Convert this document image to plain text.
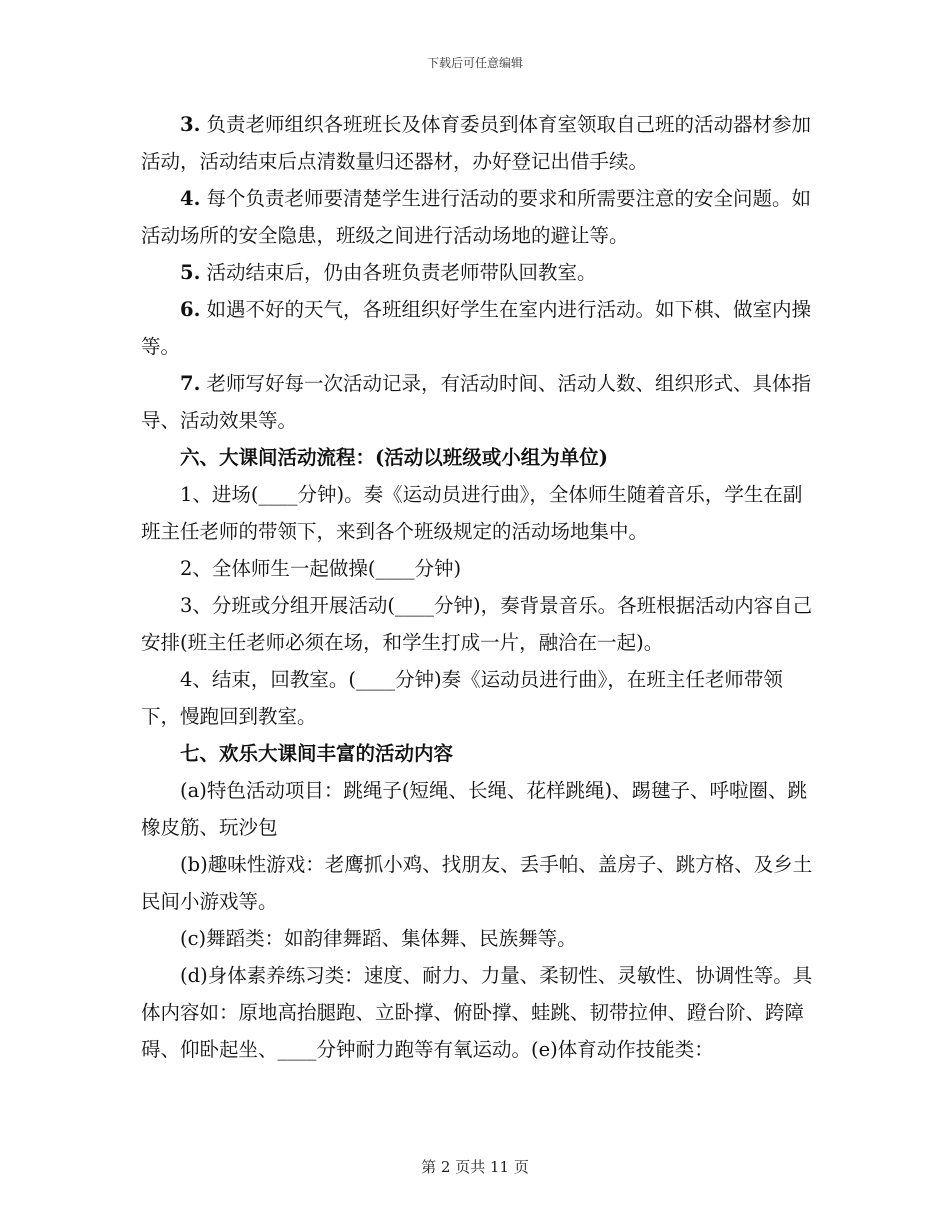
下载后可任意编辑

3. 负责老师组织各班班长及体育委员到体育室领取自己班的活动器材参加活动，活动结束后点清数量归还器材，办好登记出借手续。

4. 每个负责老师要清楚学生进行活动的要求和所需要注意的安全问题。如活动场所的安全隐患，班级之间进行活动场地的避让等。

5. 活动结束后，仍由各班负责老师带队回教室。

6. 如遇不好的天气，各班组织好学生在室内进行活动。如下棋、做室内操等。

7. 老师写好每一次活动记录，有活动时间、活动人数、组织形式、具体指导、活动效果等。

六、大课间活动流程：(活动以班级或小组为单位)

1、进场(____分钟)。奏《运动员进行曲》，全体师生随着音乐，学生在副班主任老师的带领下，来到各个班级规定的活动场地集中。

2、全体师生一起做操(____分钟)

3、分班或分组开展活动(____分钟)，奏背景音乐。各班根据活动内容自己安排(班主任老师必须在场，和学生打成一片，融洽在一起)。

4、结束，回教室。(____分钟)奏《运动员进行曲》，在班主任老师带领下，慢跑回到教室。

七、欢乐大课间丰富的活动内容

(a)特色活动项目：跳绳子(短绳、长绳、花样跳绳)、踢毽子、呼啦圈、跳橡皮筋、玩沙包

(b)趣味性游戏：老鹰抓小鸡、找朋友、丢手帕、盖房子、跳方格、及乡土民间小游戏等。

(c)舞蹈类：如韵律舞蹈、集体舞、民族舞等。

(d)身体素养练习类：速度、耐力、力量、柔韧性、灵敏性、协调性等。具体内容如：原地高抬腿跑、立卧撑、俯卧撑、蛙跳、韧带拉伸、蹬台阶、跨障碍、仰卧起坐、____分钟耐力跑等有氧运动。(e)体育动作技能类：

第 2 页共 11 页
